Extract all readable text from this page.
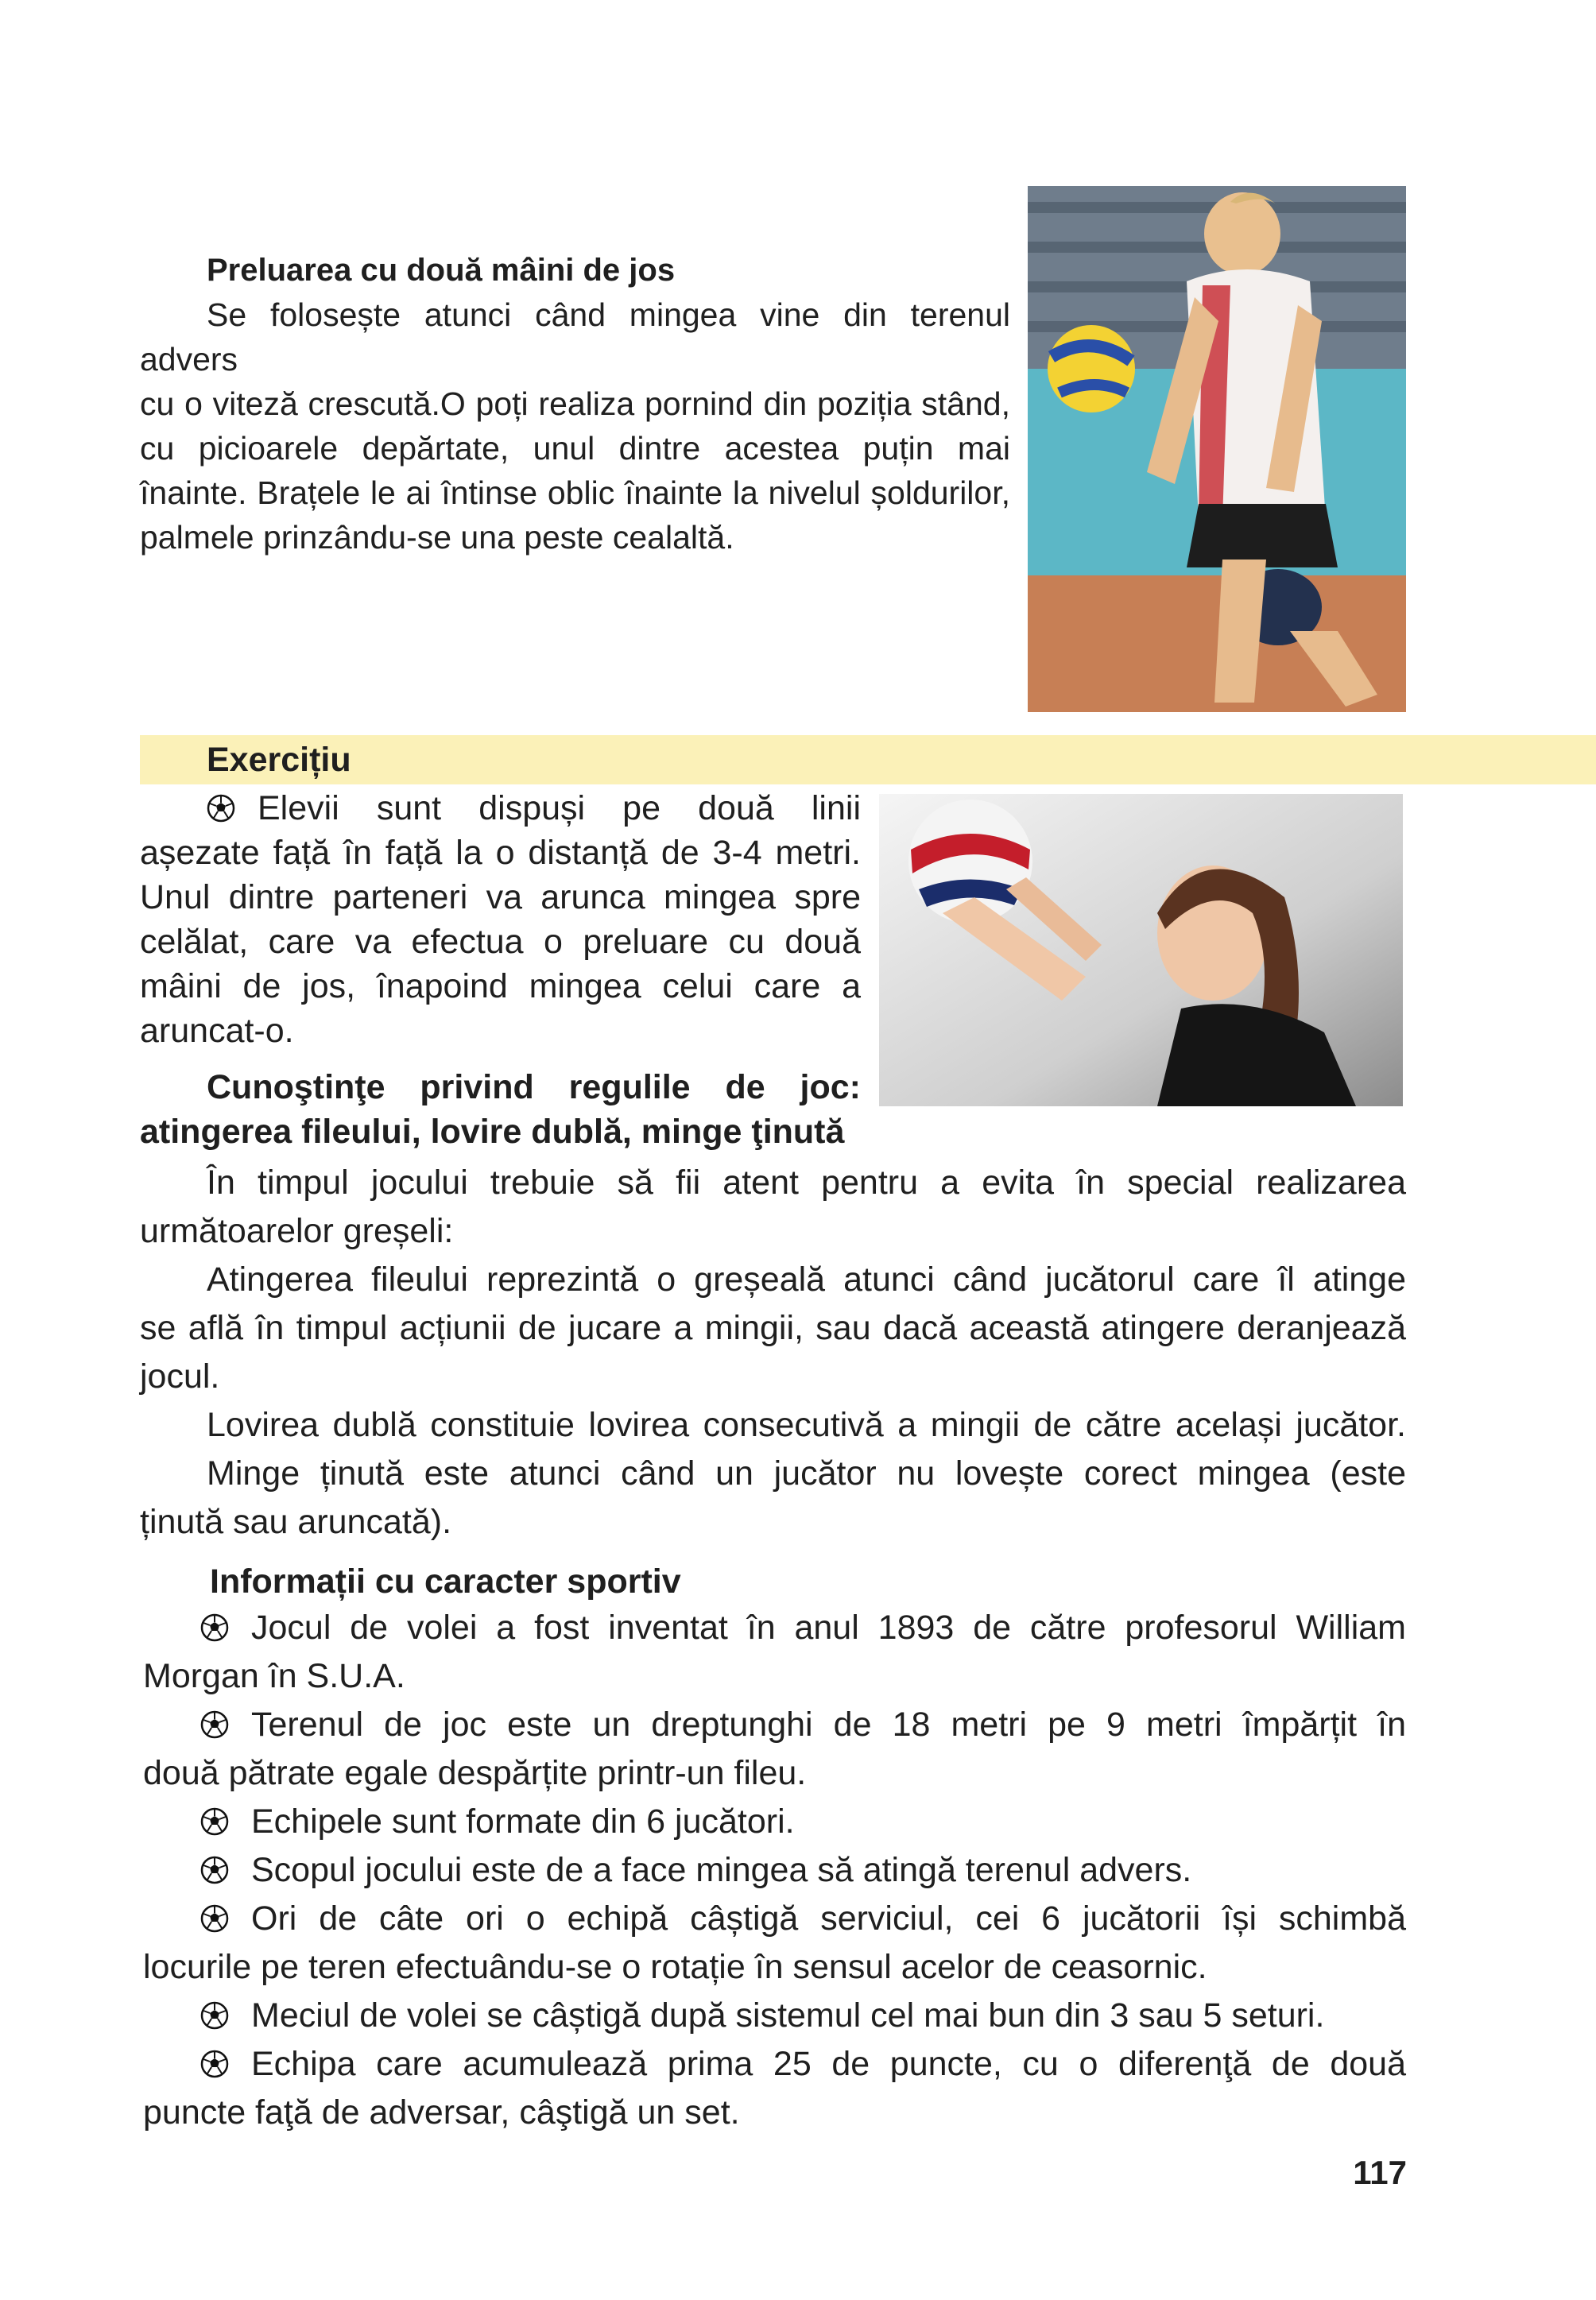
Preluarea cu două mâini de jos

Se folosește atunci când mingea vine din terenul advers

cu o viteză crescută.O poți realiza pornind din poziția stând,

cu picioarele depărtate, unul dintre acestea puțin mai

înainte. Brațele le ai întinse oblic înainte la nivelul șoldurilor,

palmele prinzându-se una peste cealaltă.

Exercițiu

Elevii sunt dispuși pe două linii

așezate față în față la o distanță de 3-4 metri.

Unul dintre parteneri va arunca mingea spre

celălat, care va efectua o preluare cu două

mâini de jos, înapoind mingea celui care a

aruncat-o.

Cunoştinţe privind regulile de joc:

atingerea fileului, lovire dublă, minge ţinută

În timpul jocului trebuie să fii atent pentru a evita în special realizarea

următoarelor greșeli:

Atingerea fileului reprezintă o greșeală atunci când jucătorul care îl atinge

se află în timpul acțiunii de jucare a mingii, sau dacă această atingere deranjează

jocul.

Lovirea dublă constituie lovirea consecutivă a mingii de către același jucător.

Minge ținută este atunci când un jucător nu lovește corect mingea (este

ținută sau aruncată).

Informații cu caracter sportiv

Jocul de volei a fost inventat în anul 1893 de către profesorul William

Morgan în S.U.A.

Terenul de joc este un dreptunghi de 18 metri pe 9 metri împărțit în

două pătrate egale despărțite printr-un fileu.

Echipele sunt formate din 6 jucători.

Scopul jocului este de a face mingea să atingă terenul advers.

Ori de câte ori o echipă câștigă serviciul, cei 6 jucătorii își schimbă

locurile pe teren efectuându-se o rotație în sensul acelor de ceasornic.

Meciul de volei se câștigă după sistemul cel mai bun din 3 sau 5 seturi.

Echipa care acumulează prima 25 de puncte, cu o diferenţă de două

puncte faţă de adversar, câştigă un set.

117
